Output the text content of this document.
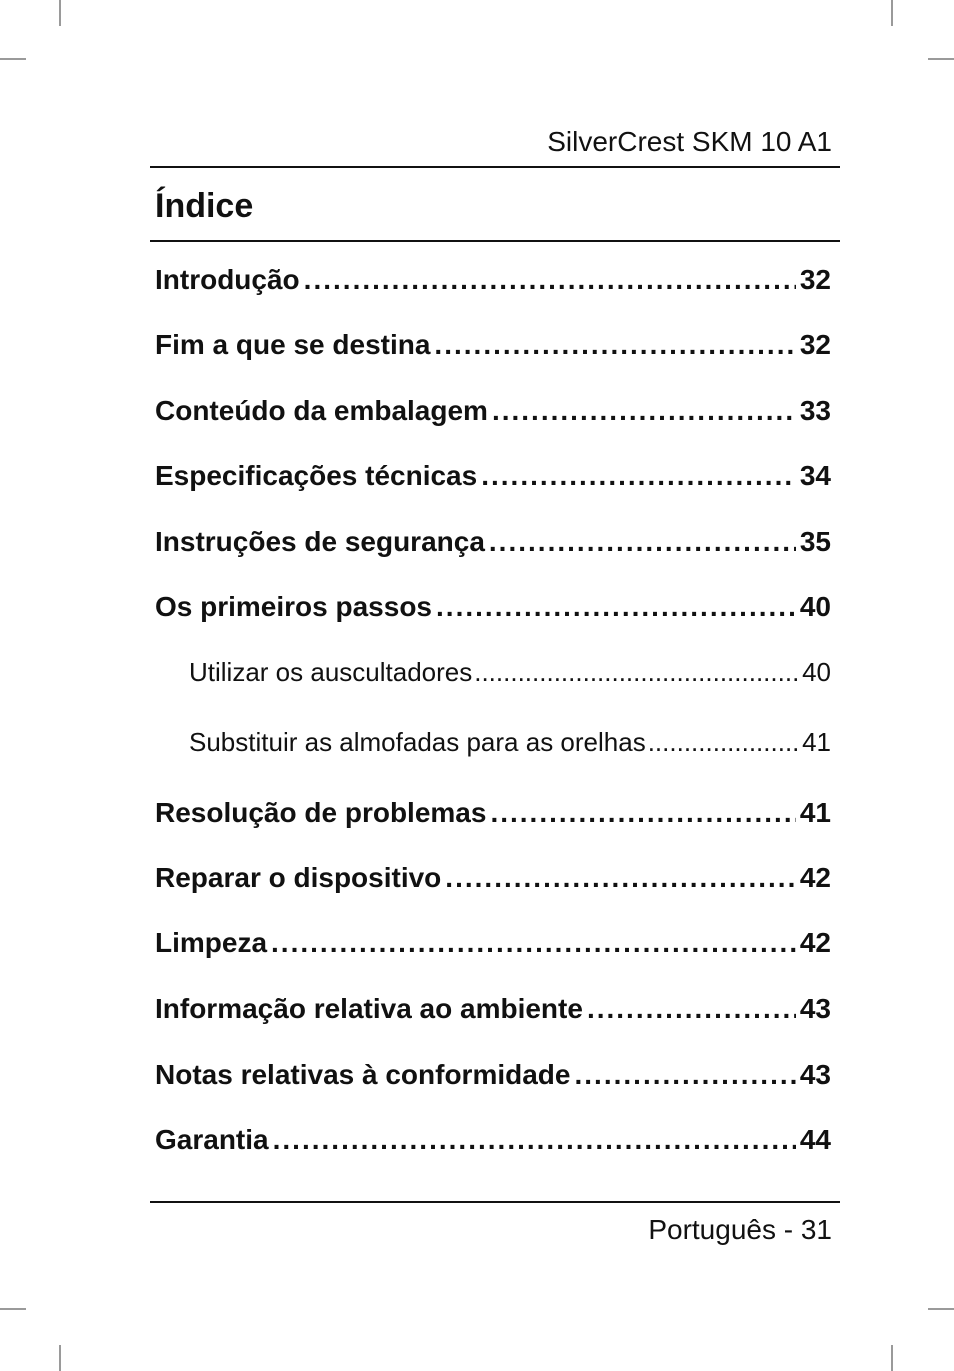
SilverCrest SKM 10 A1
Índice
Introdução .....	32
Fim a que se destina .....	32
Conteúdo da embalagem .....	33
Especificações técnicas .....	34
Instruções de segurança .....	35
Os primeiros passos .....	40
Utilizar os auscultadores .....	40
Substituir as almofadas para as orelhas .....	41
Resolução de problemas .....	41
Reparar o dispositivo .....	42
Limpeza .....	42
Informação relativa ao ambiente .....	43
Notas relativas à conformidade .....	43
Garantia .....	44
Português - 31
